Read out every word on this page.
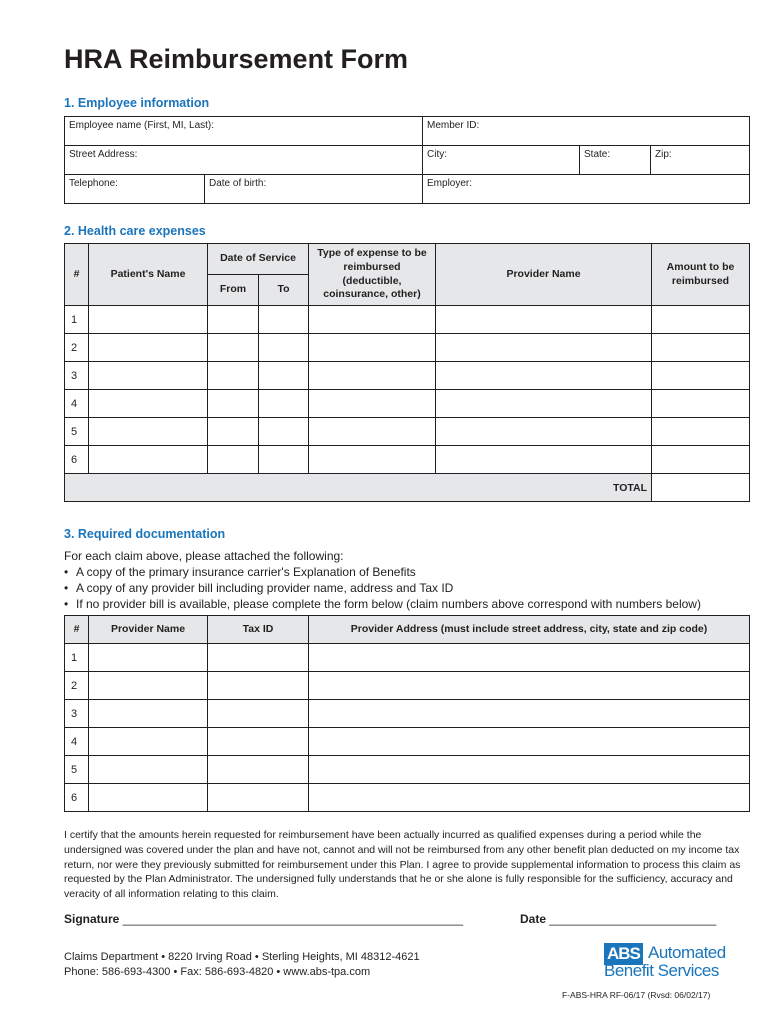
HRA Reimbursement Form
1. Employee information
Employee name (First, MI, Last):		Member ID:		
Street Address:		City:	State:	Zip:
Telephone:	Date of birth:	Employer:		
2. Health care expenses
#	Patient's Name	Date of Service		Type of expense to be reimbursed (deductible, coinsurance, other)	Provider Name	Amount to be reimbursed
		From	To			
1						
2						
3						
4						
5						
6						
TOTAL						
3. Required documentation
For each claim above, please attached the following:
• A copy of the primary insurance carrier's Explanation of Benefits
• A copy of any provider bill including provider name, address and Tax ID
• If no provider bill is available, please complete the form below (claim numbers above correspond with numbers below)
#	Provider Name	Tax ID	Provider Address (must include street address, city, state and zip code)
1			
2			
3			
4			
5			
6			

I certify that the amounts herein requested for reimbursement have been actually incurred as qualified expenses during a period while the undersigned was covered under the plan and have not, cannot and will not be reimbursed from any other benefit plan deducted on my income tax return, nor were they previously submitted for reimbursement under this Plan. I agree to provide supplemental information to process this claim as requested by the Plan Administrator. The undersigned fully understands that he or she alone is fully responsible for the sufficiency, accuracy and veracity of all information relating to this claim.

Signature ___________________________________________________	Date _________________________
Claims Department • 8220 Irving Road • Sterling Heights, MI 48312-4621
Phone: 586-693-4300 • Fax: 586-693-4820 • www.abs-tpa.com
ABS Automated
Benefit Services
F-ABS-HRA RF-06/17 (Rvsd: 06/02/17)
